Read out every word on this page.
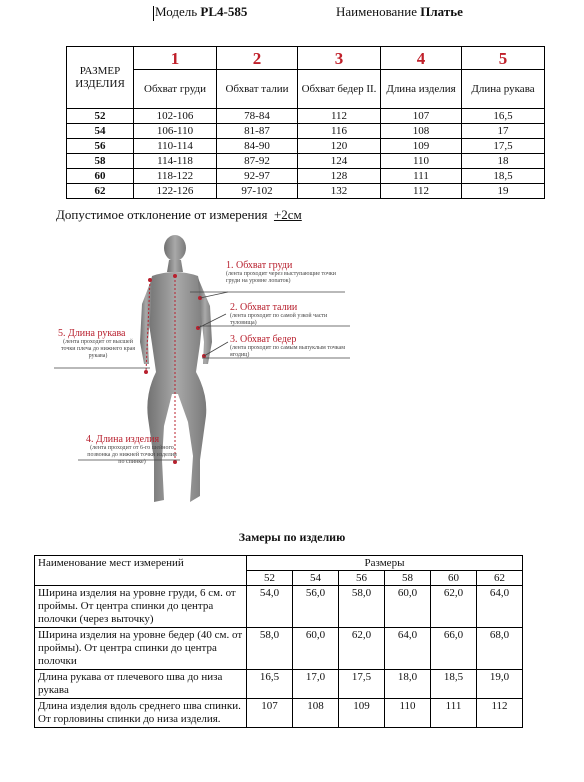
Модель PL4-585	Наименование Платье
РАЗМЕР ИЗДЕЛИЯ	1	2	3	4	5
	Обхват груди	Обхват талии	Обхват бедер II.	Длина изделия	Длина рукава
52	102-106	78-84	112	107	16,5
54	106-110	81-87	116	108	17
56	110-114	84-90	120	109	17,5
58	114-118	87-92	124	110	18
60	118-122	92-97	128	111	18,5
62	122-126	97-102	132	112	19
Допустимое отклонение от измерения +2см
1. Обхват груди
(лента проходит через выступающие точки груди на уровне лопаток)
2. Обхват талии
(лента проходит по самой узкой части туловища)
3. Обхват бедер
(лента проходит по самым выпуклым точкам ягодиц)
5. Длина рукава
(лента проходит от высшей точки плеча до нижнего края рукава)
4. Длина изделия
(лента проходит от 6-го шейного позвонка до нижней точки изделия по спинке)
Замеры по изделию
Наименование мест измерений	Размеры					
	52	54	56	58	60	62
Ширина изделия на уровне груди, 6 см. от проймы. От центра спинки до центра полочки (через выточку)	54,0	56,0	58,0	60,0	62,0	64,0
Ширина изделия на уровне бедер (40 см. от проймы). От центра спинки до центра полочки	58,0	60,0	62,0	64,0	66,0	68,0
Длина рукава от плечевого шва до низа рукава	16,5	17,0	17,5	18,0	18,5	19,0
Длина изделия вдоль среднего шва спинки. От горловины спинки до низа изделия.	107	108	109	110	111	112
